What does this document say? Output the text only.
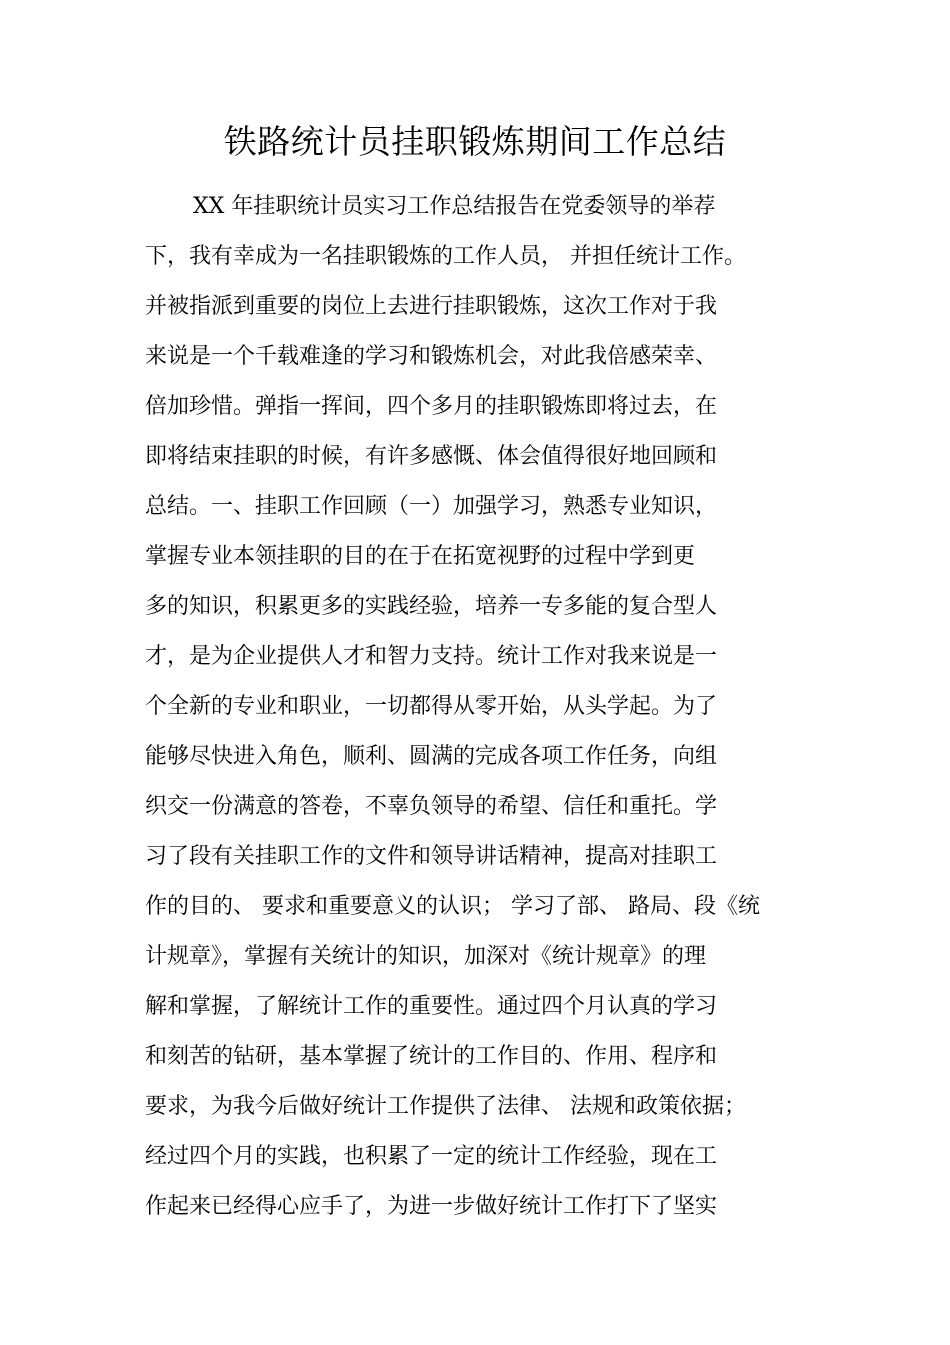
铁路统计员挂职锻炼期间工作总结
XX 年挂职统计员实习工作总结报告在党委领导的举荐
下，我有幸成为一名挂职锻炼的工作人员， 并担任统计工作。
并被指派到重要的岗位上去进行挂职锻炼，这次工作对于我
来说是一个千载难逢的学习和锻炼机会，对此我倍感荣幸、
倍加珍惜。弹指一挥间，四个多月的挂职锻炼即将过去，在
即将结束挂职的时候，有许多感慨、体会值得很好地回顾和
总结。一、挂职工作回顾（一）加强学习，熟悉专业知识，
掌握专业本领挂职的目的在于在拓宽视野的过程中学到更
多的知识，积累更多的实践经验，培养一专多能的复合型人
才，是为企业提供人才和智力支持。统计工作对我来说是一
个全新的专业和职业，一切都得从零开始，从头学起。为了
能够尽快进入角色，顺利、圆满的完成各项工作任务，向组
织交一份满意的答卷，不辜负领导的希望、信任和重托。学
习了段有关挂职工作的文件和领导讲话精神，提高对挂职工
作的目的、 要求和重要意义的认识； 学习了部、 路局、段《统
计规章》，掌握有关统计的知识，加深对《统计规章》的理
解和掌握，了解统计工作的重要性。通过四个月认真的学习
和刻苦的钻研，基本掌握了统计的工作目的、作用、程序和
要求，为我今后做好统计工作提供了法律、 法规和政策依据；
经过四个月的实践，也积累了一定的统计工作经验，现在工
作起来已经得心应手了，为进一步做好统计工作打下了坚实
